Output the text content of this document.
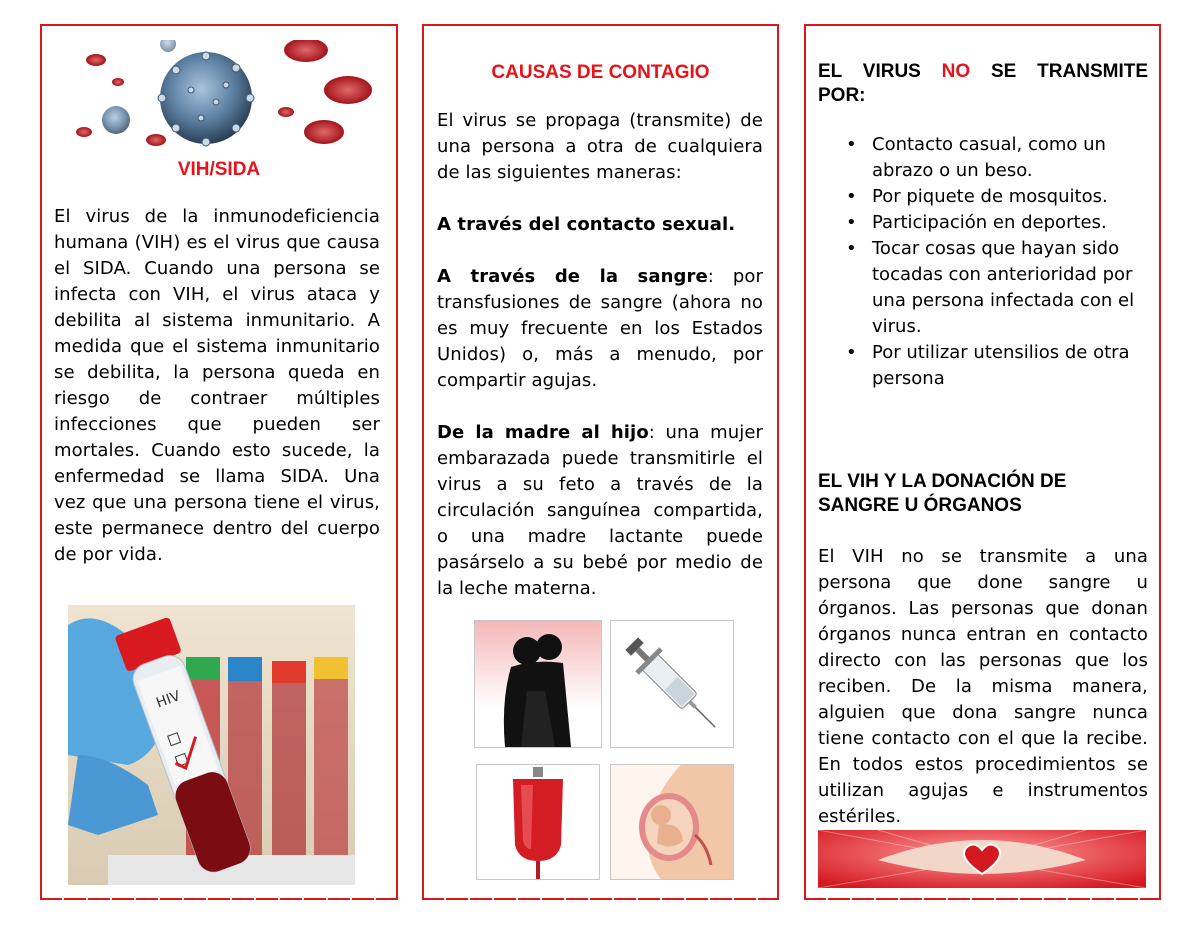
VIH/SIDA
El virus de la inmunodeficiencia humana (VIH) es el virus que causa el SIDA. Cuando una persona se infecta con VIH, el virus ataca y debilita al sistema inmunitario. A medida que el sistema inmunitario se debilita, la persona queda en riesgo de contraer múltiples infecciones que pueden ser mortales. Cuando esto sucede, la enfermedad se llama SIDA. Una vez que una persona tiene el virus, este permanece dentro del cuerpo de por vida.
HIV
CAUSAS DE CONTAGIO

El virus se propaga (transmite) de una persona a otra de cualquiera de las siguientes maneras:

A través del contacto sexual.

A través de la sangre: por transfusiones de sangre (ahora no es muy frecuente en los Estados Unidos) o, más a menudo, por compartir agujas.

De la madre al hijo: una mujer embarazada puede transmitirle el virus a su feto a través de la circulación sanguínea compartida, o una madre lactante puede pasárselo a su bebé por medio de la leche materna.

EL VIRUS NO SE TRANSMITE
POR:
• Contacto casual, como un abrazo o un beso.
• Por piquete de mosquitos.
• Participación en deportes.
• Tocar cosas que hayan sido tocadas con anterioridad por una persona infectada con el virus.
• Por utilizar utensilios de otra persona
EL VIH Y LA DONACIÓN DE SANGRE U ÓRGANOS
El VIH no se transmite a una persona que done sangre u órganos. Las personas que donan órganos nunca entran en contacto directo con las personas que los reciben. De la misma manera, alguien que dona sangre nunca tiene contacto con el que la recibe. En todos estos procedimientos se utilizan agujas e instrumentos estériles.
